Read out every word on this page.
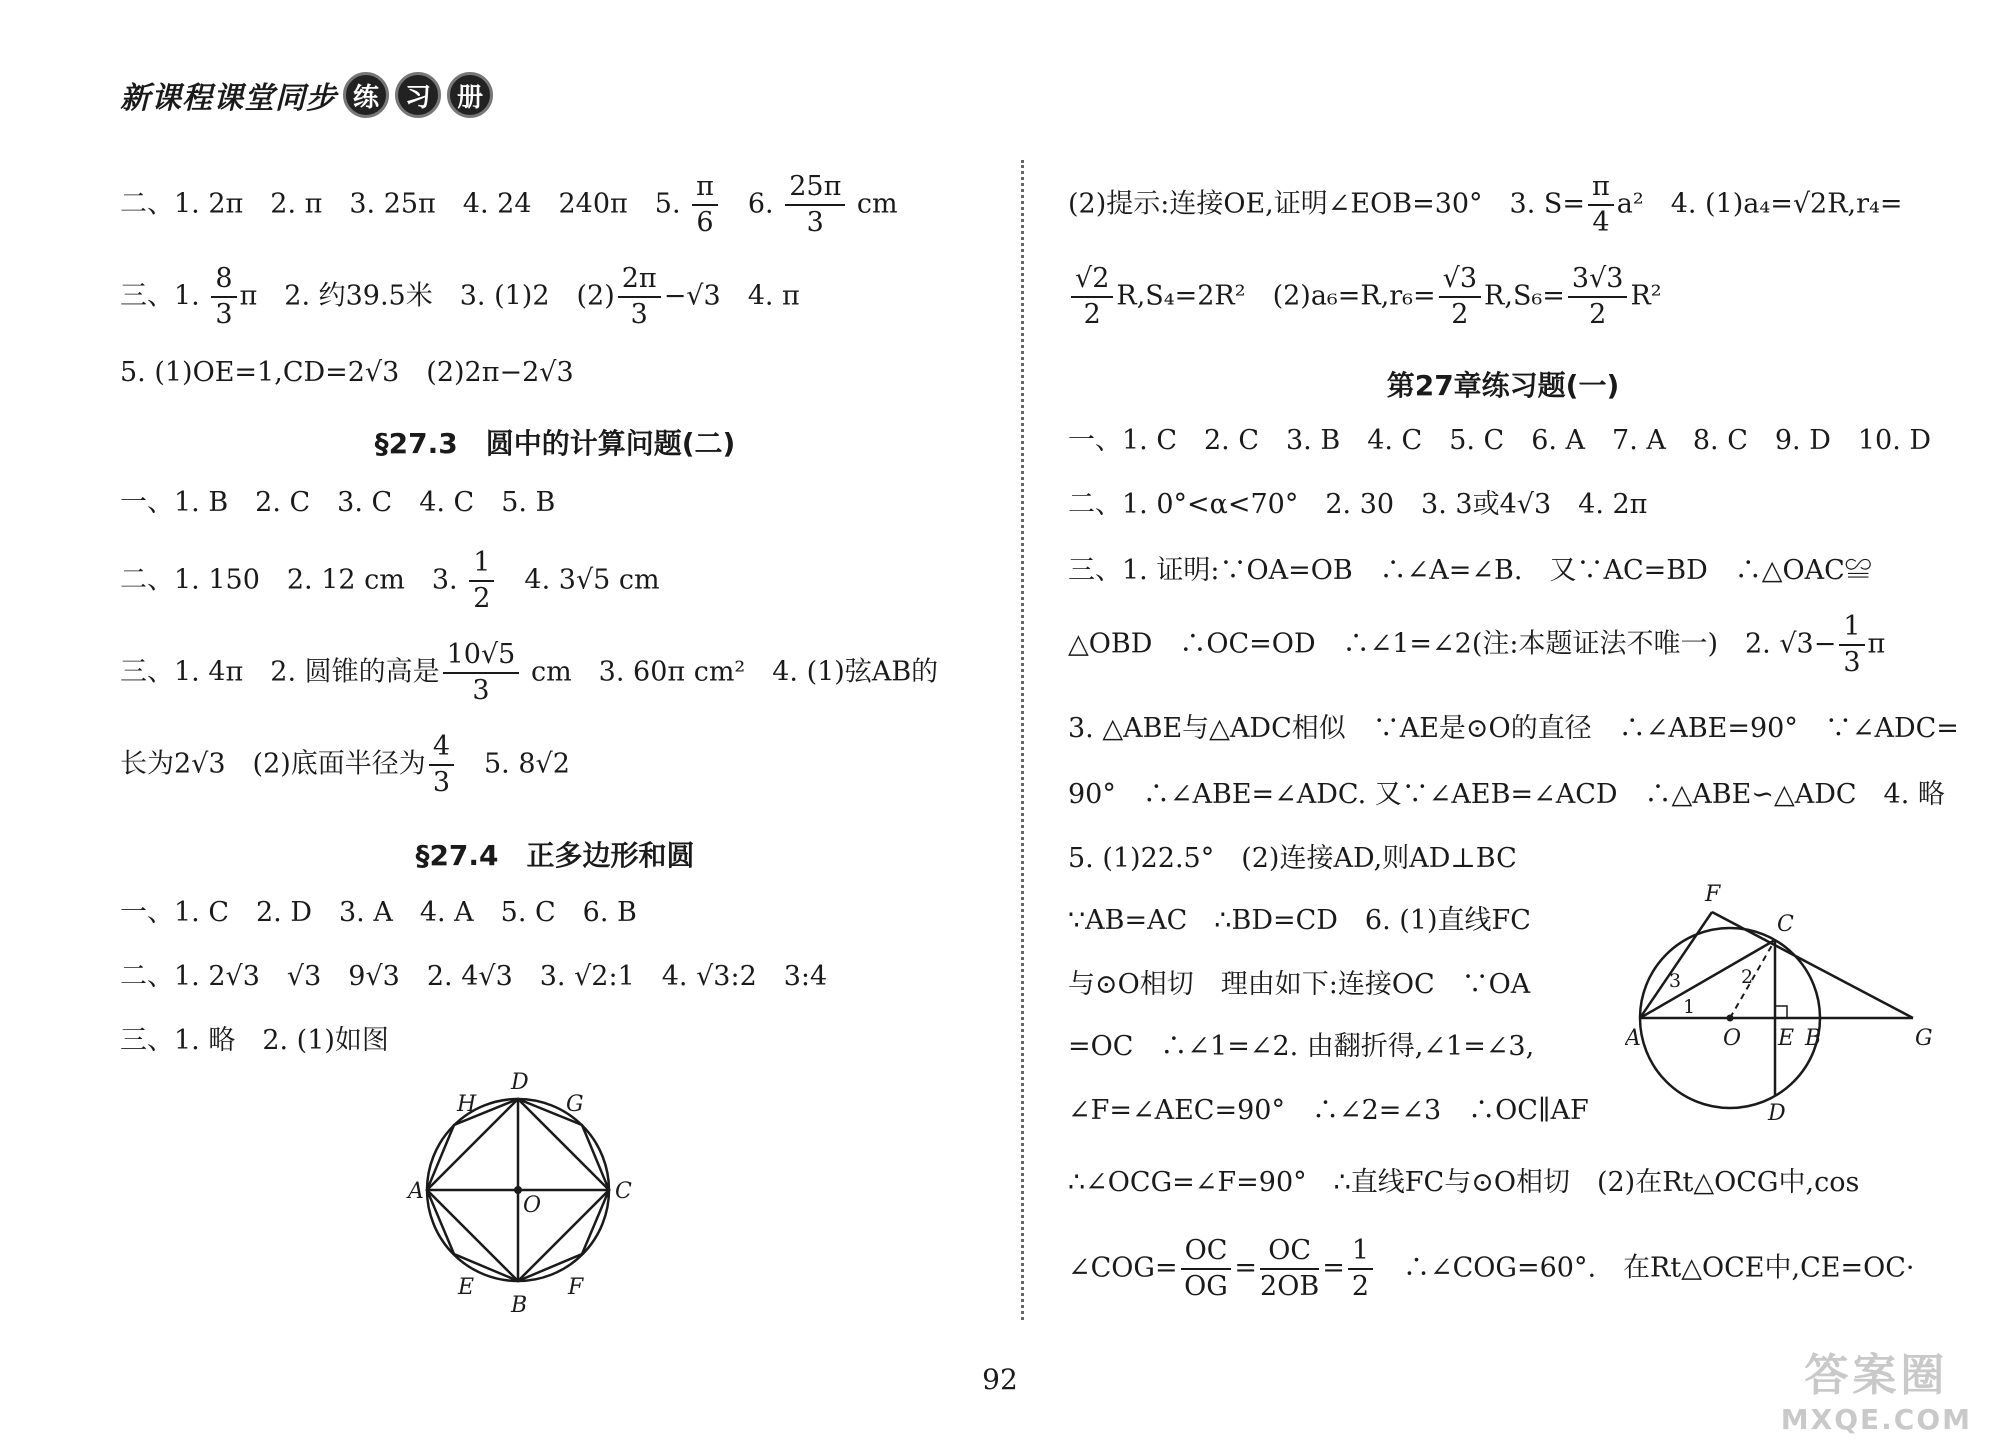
新课程课堂同步 练 习 册
二、1. 2π　2. π　3. 25π　4. 24　240π　5. $\frac{\pi}{6}$ 　6. $\frac{25\pi}{3}$ cm
三、1. $\frac{8}{3}$ π　2. 约39.5米　3. (1)2　$(2) \frac{2\pi}{3} -√3$　4. π
5. (1)OE=1,CD=2√3　(2)2π−2√3
§27.3　圆中的计算问题(二)
一、1. B　2. C　3. C　4. C　5. B
二、1. 150　2. 12 cm　3. $\frac{1}{2}$ 　4. 3√5 cm
三、1. 4π　2. 圆锥的高是 $\frac{10√5}{3}$ cm　3. 60π cm²　4. (1)弦AB的
长为2√3　(2)底面半径为 $\frac{4}{3}$ 　5. 8√2
§27.4　正多边形和圆
一、1. C　2. D　3. A　4. A　5. C　6. B
二、1. 2√3　√3　9√3　2. 4√3　3. √2:1　4. √3:2　3:4
三、1. 略　2. (1)如图
D
H	G
A
O
C
E	F
B
(2)提示:连接OE,证明∠EOB=30°　3. $S= \frac{\pi}{4} a^2$　4. (1)a₄=√2R,r₄=
$\frac{√2}{2} R,S_4=2R^2$　$(2)a_6=R,r_6= \frac{√3}{2} R,S_6= \frac{3√3}{2} R^2$
第27章练习题(一)
一、1. C　2. C　3. B　4. C　5. C　6. A　7. A　8. C　9. D　10. D
二、1. 0°<α<70°　2. 30　3. 3或4√3　4. 2π
三、1. 证明:∵OA=OB　∴∠A=∠B.　又∵AC=BD　∴△OAC≌
△OBD　∴OC=OD　∴∠1=∠2(注:本题证法不唯一)　2. $√3- \frac{1}{3}$ π
3. △ABE与△ADC相似　∵AE是⊙O的直径　∴∠ABE=90°　∵∠ADC=
90°　∴∠ABE=∠ADC. 又∵∠AEB=∠ACD　∴△ABE∽△ADC　4. 略
5. (1)22.5°　(2)连接AD,则AD⊥BC
∵AB=AC　∴BD=CD　6. (1)直线FC
与⊙O相切　理由如下:连接OC　∵OA
=OC　∴∠1=∠2. 由翻折得,∠1=∠3,
∠F=∠AEC=90°　∴∠2=∠3　∴OC∥AF
∴∠OCG=∠F=90°　∴直线FC与⊙O相切　(2)在Rt△OCG中,cos
∠COG= $\frac{OC}{OG} = \frac{OC}{2OB} = \frac{1}{2}$ 　∴∠COG=60°.　在Rt△OCE中,CE=OC·
F
C
A	O E B	G
D
1
2
3
92	答案圈
MXQE.COM
